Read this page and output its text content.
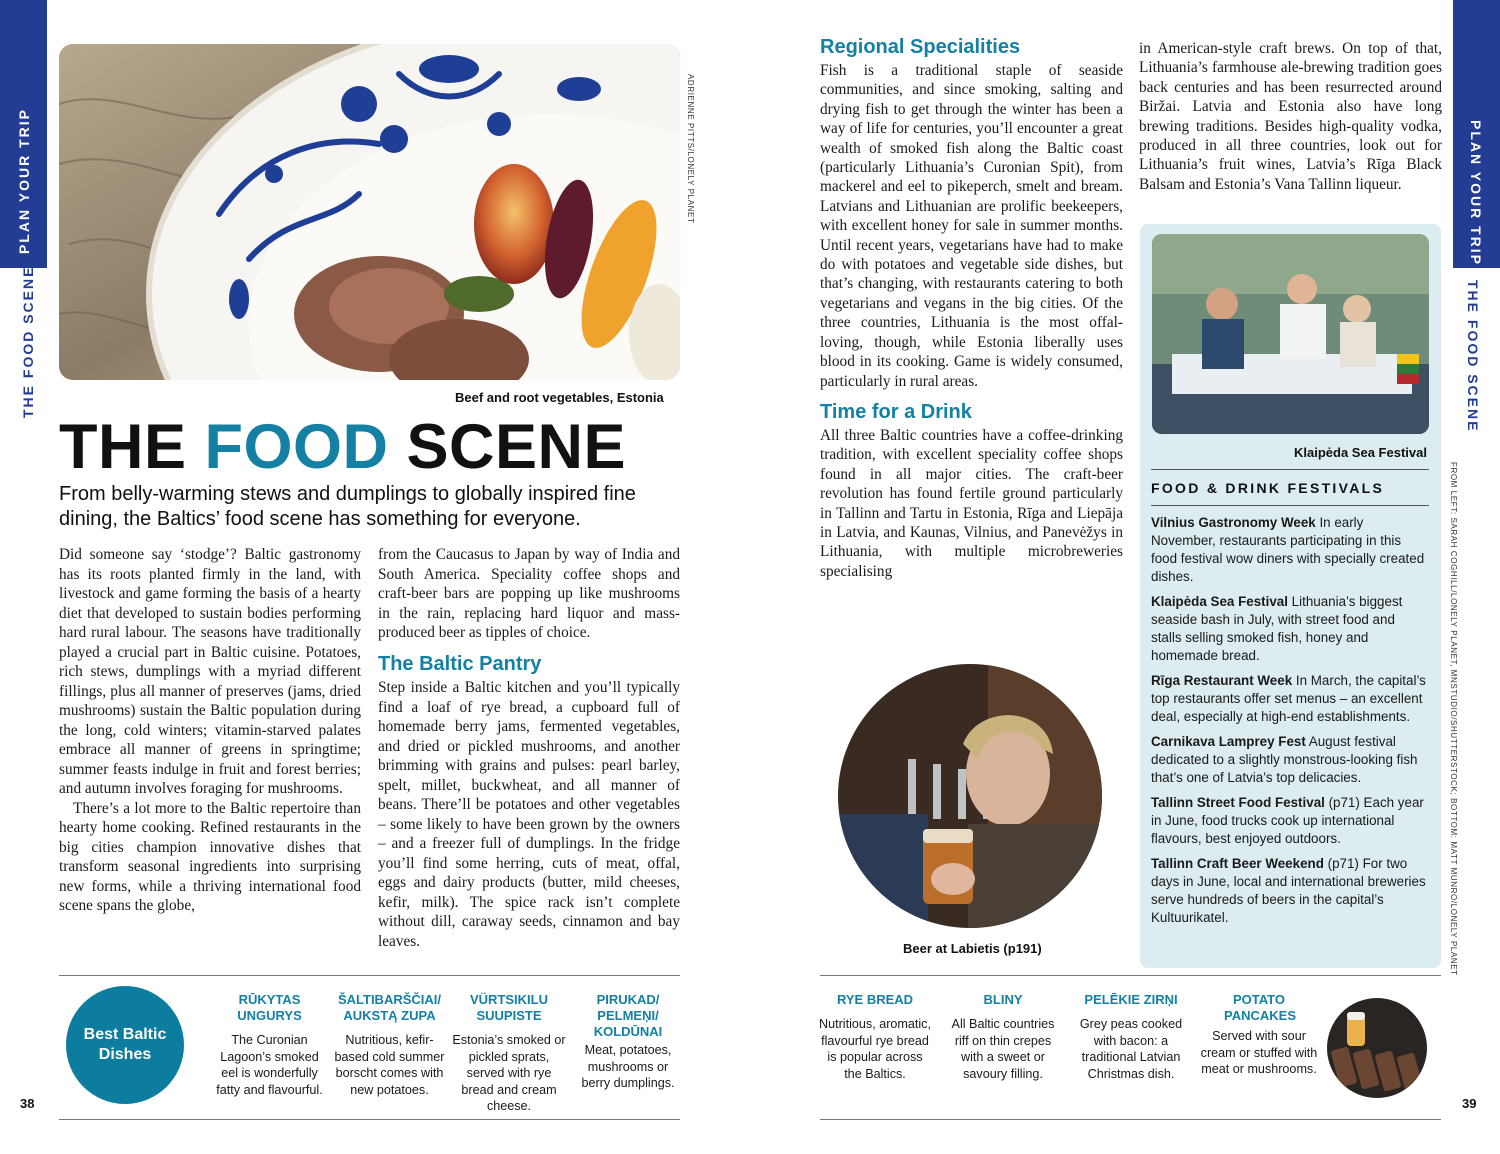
PLAN YOUR TRIP
THE FOOD SCENE
PLAN YOUR TRIP
THE FOOD SCENE
ADRIENNE PITTS/LONELY PLANET
Beef and root vegetables, Estonia
THE FOOD SCENE
From belly-warming stews and dumplings to globally inspired fine dining, the Baltics’ food scene has something for everyone.

Did someone say ‘stodge’? Baltic gastronomy has its roots planted firmly in the land, with livestock and game forming the basis of a hearty diet that developed to sustain bodies performing hard rural labour. The seasons have traditionally played a crucial part in Baltic cuisine. Potatoes, rich stews, dumplings with a myriad different fillings, plus all manner of preserves (jams, dried mushrooms) sustain the Baltic population during the long, cold winters; vitamin-starved palates embrace all manner of greens in springtime; summer feasts indulge in fruit and forest berries; and autumn involves foraging for mushrooms.

There’s a lot more to the Baltic repertoire than hearty home cooking. Refined restaurants in the big cities champion innovative dishes that transform seasonal ingredients into surprising new forms, while a thriving international food scene spans the globe,

from the Caucasus to Japan by way of India and South America. Speciality coffee shops and craft-beer bars are popping up like mushrooms in the rain, replacing hard liquor and mass-produced beer as tipples of choice.

The Baltic Pantry

Step inside a Baltic kitchen and you’ll typically find a loaf of rye bread, a cupboard full of homemade berry jams, fermented vegetables, and dried or pickled mushrooms, and another brimming with grains and pulses: pearl barley, spelt, millet, buckwheat, and all manner of beans. There’ll be potatoes and other vegetables – some likely to have been grown by the owners – and a freezer full of dumplings. In the fridge you’ll find some herring, cuts of meat, offal, eggs and dairy products (butter, mild cheeses, kefir, milk). The spice rack isn’t complete without dill, caraway seeds, cinnamon and bay leaves.

Regional Specialities

Fish is a traditional staple of seaside communities, and since smoking, salting and drying fish to get through the winter has been a way of life for centuries, you’ll encounter a great wealth of smoked fish along the Baltic coast (particularly Lithuania’s Curonian Spit), from mackerel and eel to pikeperch, smelt and bream. Latvians and Lithuanian are prolific beekeepers, with excellent honey for sale in summer months. Until recent years, vegetarians have had to make do with potatoes and vegetable side dishes, but that’s changing, with restaurants catering to both vegetarians and vegans in the big cities. Of the three countries, Lithuania is the most offal-loving, though, while Estonia liberally uses blood in its cooking. Game is widely consumed, particularly in rural areas.

Time for a Drink

All three Baltic countries have a coffee-drinking tradition, with excellent speciality coffee shops found in all major cities. The craft-beer revolution has found fertile ground particularly in Tallinn and Tartu in Estonia, Rīga and Liepāja in Latvia, and Kaunas, Vilnius, and Panevėžys in Lithuania, with multiple microbreweries specialising

in American-style craft brews. On top of that, Lithuania’s farmhouse ale-brewing tradition goes back centuries and has been resurrected around Biržai. Latvia and Estonia also have long brewing traditions. Besides high-quality vodka, produced in all three countries, look out for Lithuania’s fruit wines, Latvia’s Rīga Black Balsam and Estonia’s Vana Tallinn liqueur.

Beer at Labietis (p191)
Klaipėda Sea Festival
FOOD & DRINK FESTIVALS
Vilnius Gastronomy Week In early November, restaurants participating in this food festival wow diners with specially created dishes.
Klaipėda Sea Festival Lithuania’s biggest seaside bash in July, with street food and stalls selling smoked fish, honey and homemade bread.
Rīga Restaurant Week In March, the capital’s top restaurants offer set menus – an excellent deal, especially at high-end establishments.
Carnikava Lamprey Fest August festival dedicated to a slightly monstrous-looking fish that’s one of Latvia’s top delicacies.
Tallinn Street Food Festival (p71) Each year in June, food trucks cook up international flavours, best enjoyed outdoors.
Tallinn Craft Beer Weekend (p71) For two days in June, local and international breweries serve hundreds of beers in the capital’s Kultuurikatel.	FROM LEFT: SARAH COGHILL/LONELY PLANET, MNSTUDIO/SHUTTERSTOCK; BOTTOM: MATT MUNRO/LONELY PLANET
Best Baltic Dishes
RŪKYTAS UNGURYS
The Curonian Lagoon’s smoked eel is wonderfully fatty and flavourful.
ŠALTIBARŠČIAI/ AUKSTĄ ZUPA
Nutritious, kefir-based cold summer borscht comes with new potatoes.
VÜRTSIKILU SUUPISTE
Estonia’s smoked or pickled sprats, served with rye bread and cream cheese.
PIRUKAD/ PELMEŅI/ KOLDŪNAI
Meat, potatoes, mushrooms or berry dumplings.
RYE BREAD
Nutritious, aromatic, flavourful rye bread is popular across the Baltics.
BLINY
All Baltic countries riff on thin crepes with a sweet or savoury filling.
PELĒKIE ZIRŅI
Grey peas cooked with bacon: a traditional Latvian Christmas dish.
POTATO PANCAKES
Served with sour cream or stuffed with meat or mushrooms.
38	39
